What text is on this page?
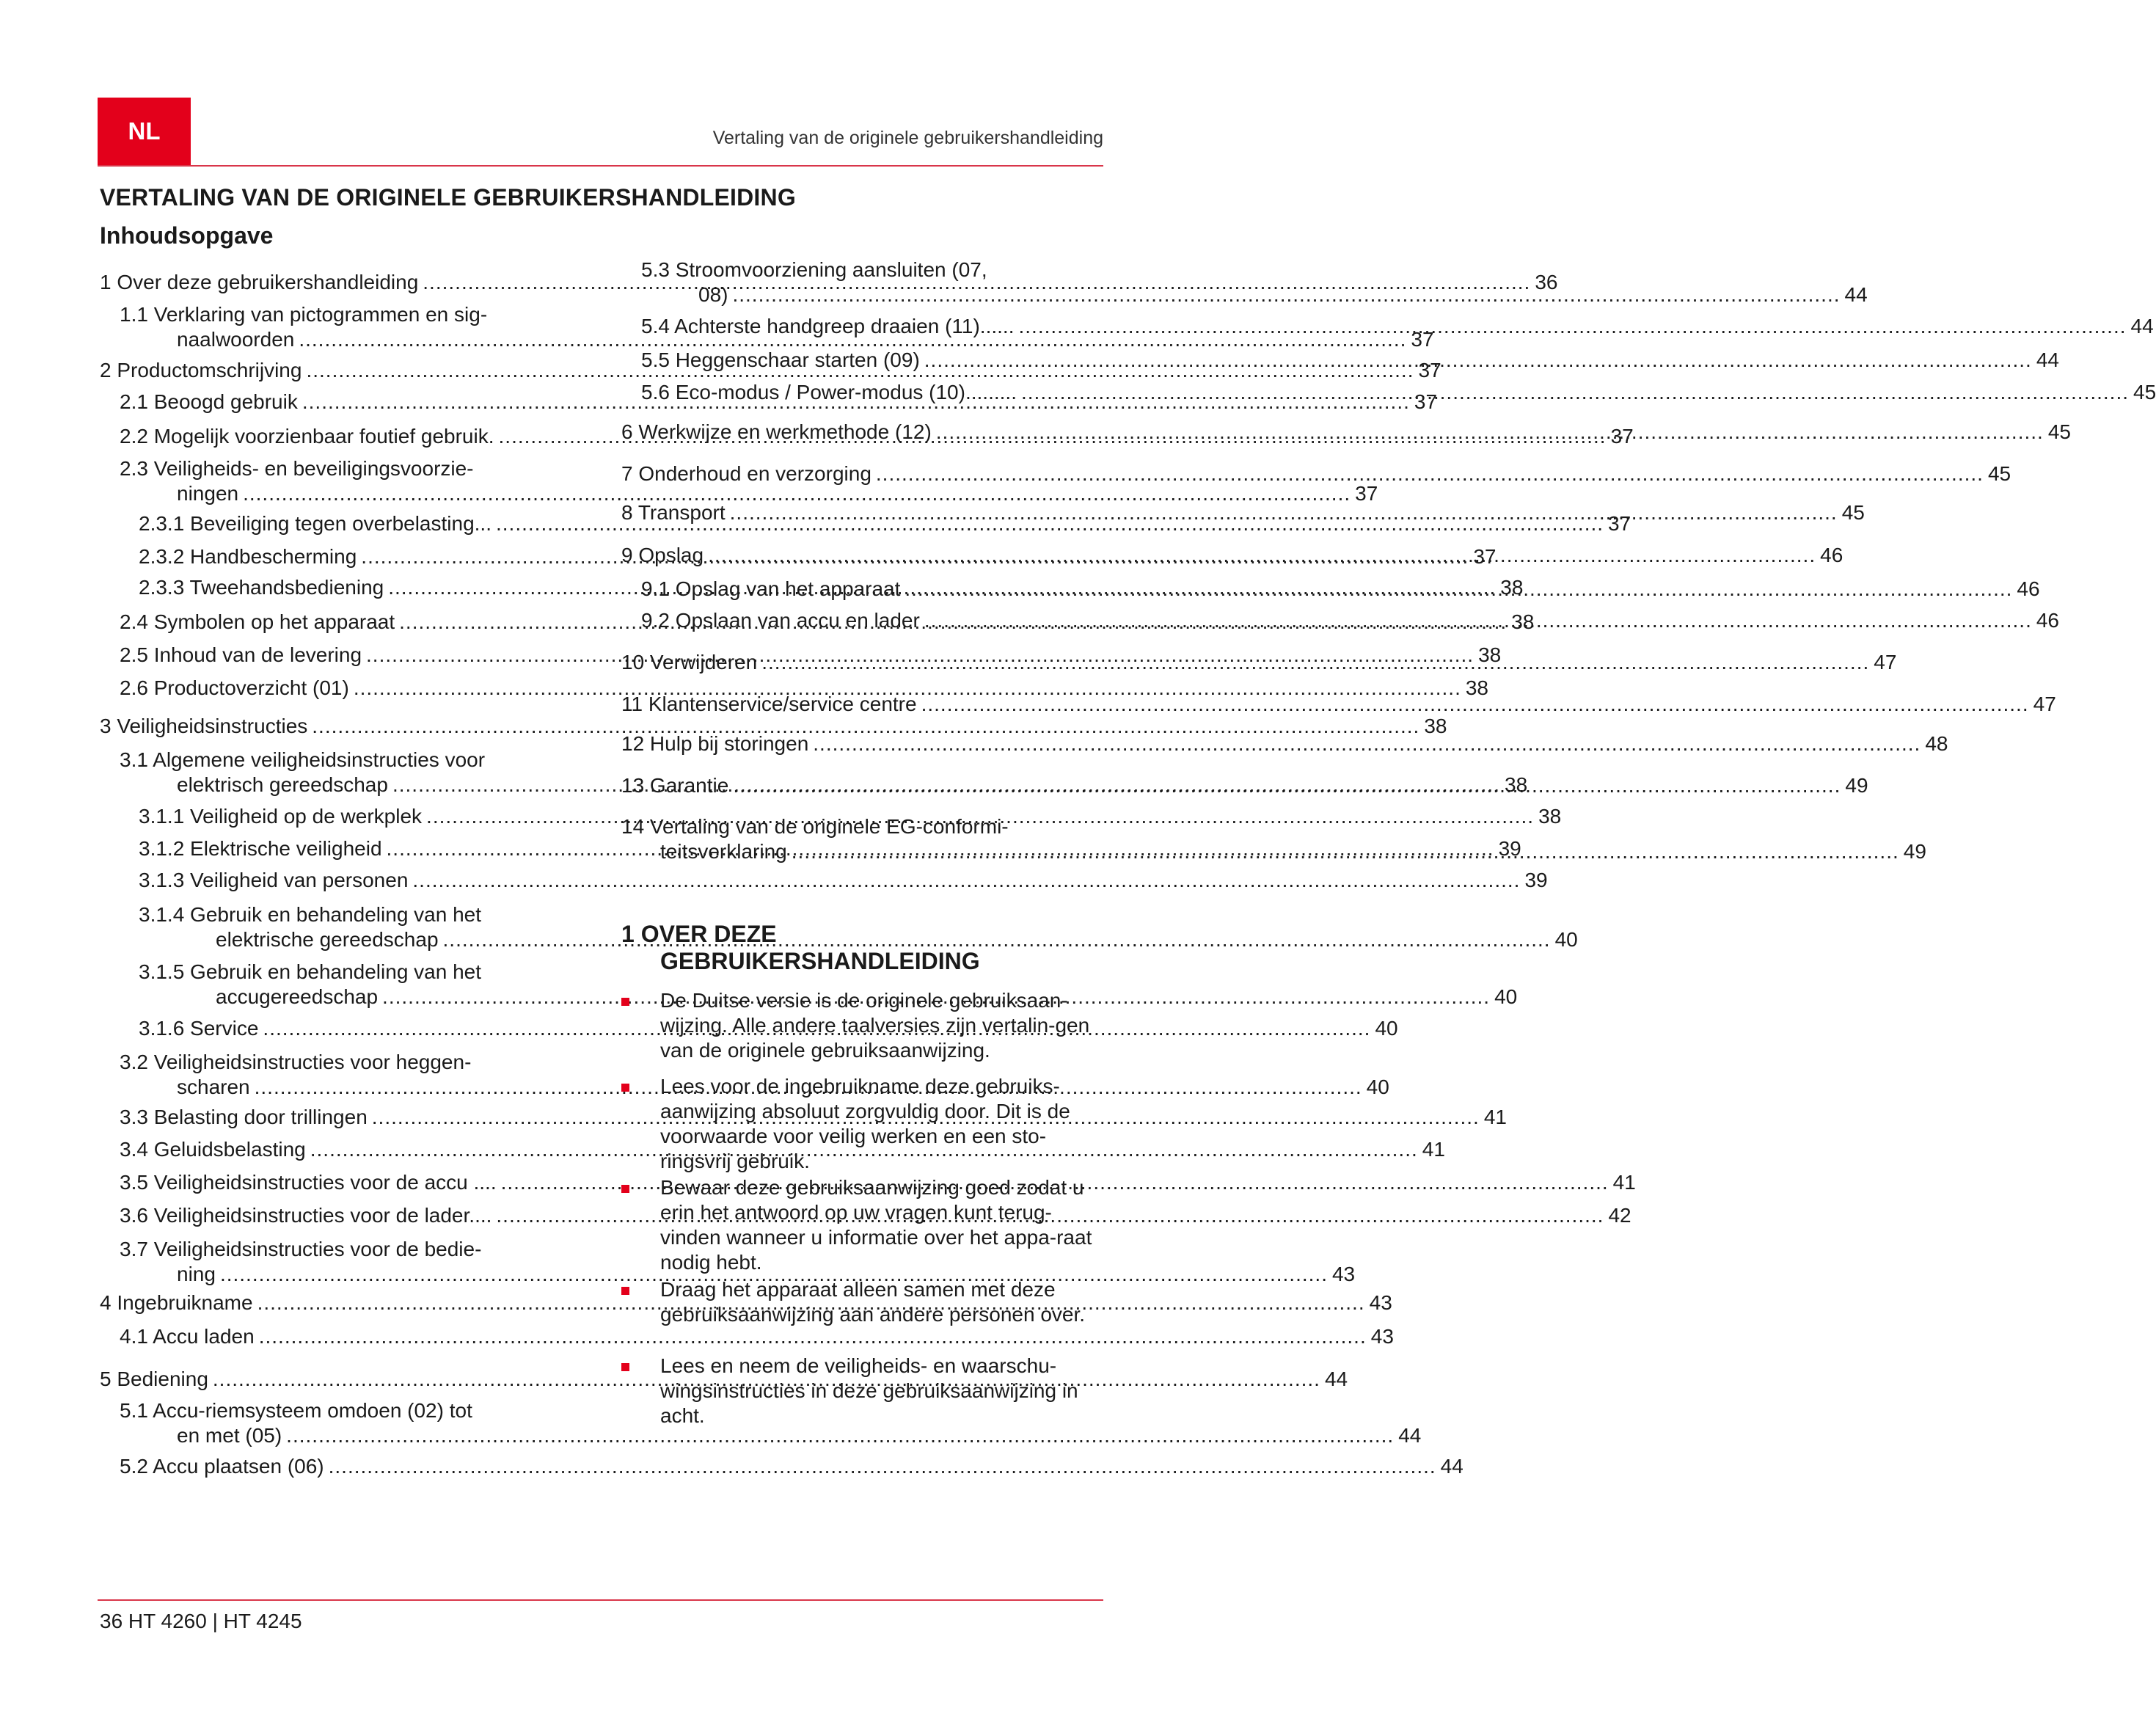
NL	Vertaling van de originele gebruikershandleiding
VERTALING VAN DE ORIGINELE GEBRUIKERSHANDLEIDING
Inhoudsopgave
1 Over deze gebruikershandleiding .....	36
1.1 Verklaring van pictogrammen en sig-
naalwoorden .....	37
2 Productomschrijving .....	37
2.1 Beoogd gebruik .....	37
2.2 Mogelijk voorzienbaar foutief gebruik. .....	37
2.3 Veiligheids- en beveiligingsvoorzie-
ningen .....	37
2.3.1 Beveiliging tegen overbelasting... .....	37
2.3.2 Handbescherming .....	37
2.3.3 Tweehandsbediening .....	38
2.4 Symbolen op het apparaat .....	38
2.5 Inhoud van de levering .....	38
2.6 Productoverzicht (01) .....	38
3 Veiligheidsinstructies .....	38
3.1 Algemene veiligheidsinstructies voor
elektrisch gereedschap .....	38
3.1.1 Veiligheid op de werkplek .....	38
3.1.2 Elektrische veiligheid .....	39
3.1.3 Veiligheid van personen .....	39
3.1.4 Gebruik en behandeling van het
elektrische gereedschap .....	40
3.1.5 Gebruik en behandeling van het
accugereedschap .....	40
3.1.6 Service .....	40
3.2 Veiligheidsinstructies voor heggen-
scharen .....	40
3.3 Belasting door trillingen .....	41
3.4 Geluidsbelasting .....	41
3.5 Veiligheidsinstructies voor de accu .... .....	41
3.6 Veiligheidsinstructies voor de lader.... .....	42
3.7 Veiligheidsinstructies voor de bedie-
ning .....	43
4 Ingebruikname .....	43
4.1 Accu laden .....	43
5 Bediening .....	44
5.1 Accu-riemsysteem omdoen (02) tot
en met (05) .....	44
5.2 Accu plaatsen (06) .....	44
5.3 Stroomvoorziening aansluiten (07,
08) .....	44
5.4 Achterste handgreep draaien (11)...... .....	44
5.5 Heggenschaar starten (09) .....	44
5.6 Eco-modus / Power-modus (10)......... .....	45
6 Werkwijze en werkmethode (12) .....	45
7 Onderhoud en verzorging .....	45
8 Transport .....	45
9 Opslag .....	46
9.1 Opslag van het apparaat .....	46
9.2 Opslaan van accu en lader .....	46
10 Verwijderen .....	47
11 Klantenservice/service centre .....	47
12 Hulp bij storingen .....	48
13 Garantie .....	49
14 Vertaling van de originele EG-conformi-
teitsverklaring .....	49
1 OVER DEZE
GEBRUIKERSHANDLEIDING
De Duitse versie is de originele gebruiksaan-wijzing. Alle andere taalversies zijn vertalin-gen van de originele gebruiksaanwijzing.
Lees voor de ingebruikname deze gebruiks-aanwijzing absoluut zorgvuldig door. Dit is de voorwaarde voor veilig werken en een sto-ringsvrij gebruik.
Bewaar deze gebruiksaanwijzing goed zodat u erin het antwoord op uw vragen kunt terug-vinden wanneer u informatie over het appa-raat nodig hebt.
Draag het apparaat alleen samen met deze gebruiksaanwijzing aan andere personen over.
Lees en neem de veiligheids- en waarschu-wingsinstructies in deze gebruiksaanwijzing in acht.
36 HT 4260 | HT 4245
